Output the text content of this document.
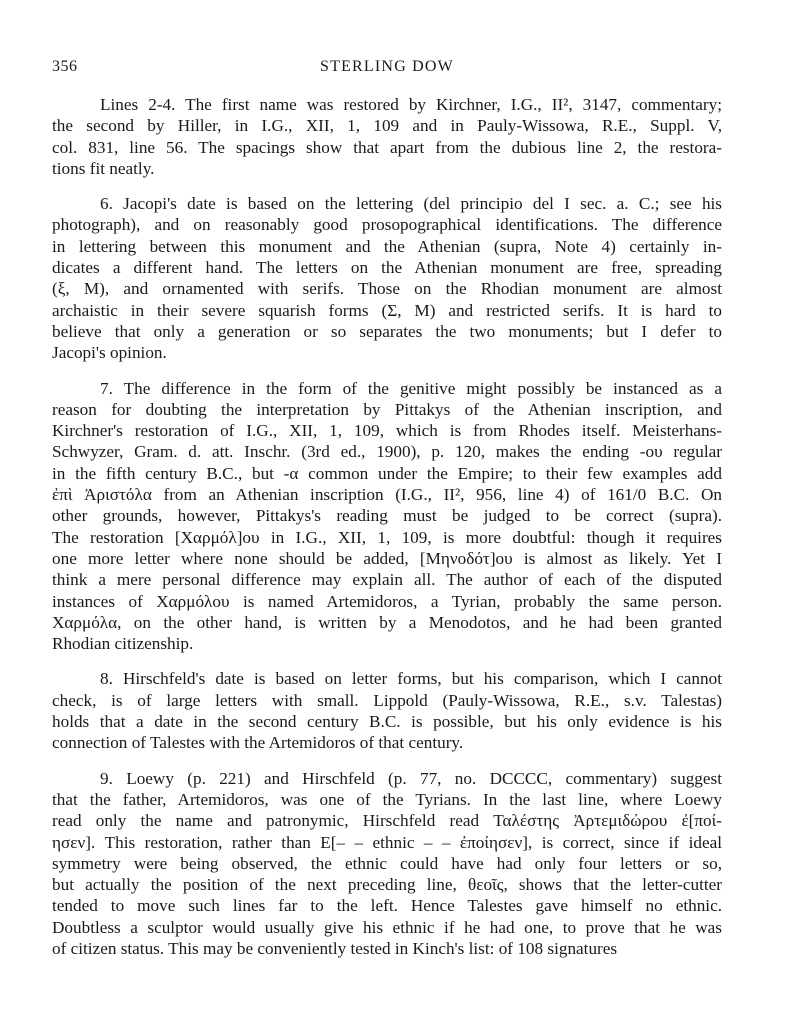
356	STERLING DOW

Lines 2-4. The first name was restored by Kirchner, I.G., II², 3147, commentary;
the second by Hiller, in I.G., XII, 1, 109 and in Pauly-Wissowa, R.E., Suppl. V,
col. 831, line 56. The spacings show that apart from the dubious line 2, the restora-
tions fit neatly.

6. Jacopi's date is based on the lettering (del principio del I sec. a. C.; see his
photograph), and on reasonably good prosopographical identifications. The difference
in lettering between this monument and the Athenian (supra, Note 4) certainly in-
dicates a different hand. The letters on the Athenian monument are free, spreading
(ξ, Μ), and ornamented with serifs. Those on the Rhodian monument are almost
archaistic in their severe squarish forms (Σ, Μ) and restricted serifs. It is hard to
believe that only a generation or so separates the two monuments; but I defer to
Jacopi's opinion.

7. The difference in the form of the genitive might possibly be instanced as a
reason for doubting the interpretation by Pittakys of the Athenian inscription, and
Kirchner's restoration of I.G., XII, 1, 109, which is from Rhodes itself. Meisterhans-
Schwyzer, Gram. d. att. Inschr. (3rd ed., 1900), p. 120, makes the ending -ου regular
in the fifth century B.C., but -α common under the Empire; to their few examples add
ἐπὶ Ἀριστόλα from an Athenian inscription (I.G., II², 956, line 4) of 161/0 B.C. On
other grounds, however, Pittakys's reading must be judged to be correct (supra).
The restoration [Χαρμόλ]ου in I.G., XII, 1, 109, is more doubtful: though it requires
one more letter where none should be added, [Μηνοδότ]ου is almost as likely. Yet I
think a mere personal difference may explain all. The author of each of the disputed
instances of Χαρμόλου is named Artemidoros, a Tyrian, probably the same person.
Χαρμόλα, on the other hand, is written by a Menodotos, and he had been granted
Rhodian citizenship.

8. Hirschfeld's date is based on letter forms, but his comparison, which I cannot
check, is of large letters with small. Lippold (Pauly-Wissowa, R.E., s.v. Talestas)
holds that a date in the second century B.C. is possible, but his only evidence is his
connection of Talestes with the Artemidoros of that century.

9. Loewy (p. 221) and Hirschfeld (p. 77, no. DCCCC, commentary) suggest
that the father, Artemidoros, was one of the Tyrians. In the last line, where Loewy
read only the name and patronymic, Hirschfeld read Ταλέστης Ἀρτεμιδώρου ἐ[ποί-
ησεν]. This restoration, rather than Ε[– – ethnic – – ἐποίησεν], is correct, since if ideal
symmetry were being observed, the ethnic could have had only four letters or so,
but actually the position of the next preceding line, θεοῖς, shows that the letter-cutter
tended to move such lines far to the left. Hence Talestes gave himself no ethnic.
Doubtless a sculptor would usually give his ethnic if he had one, to prove that he was
of citizen status. This may be conveniently tested in Kinch's list: of 108 signatures
